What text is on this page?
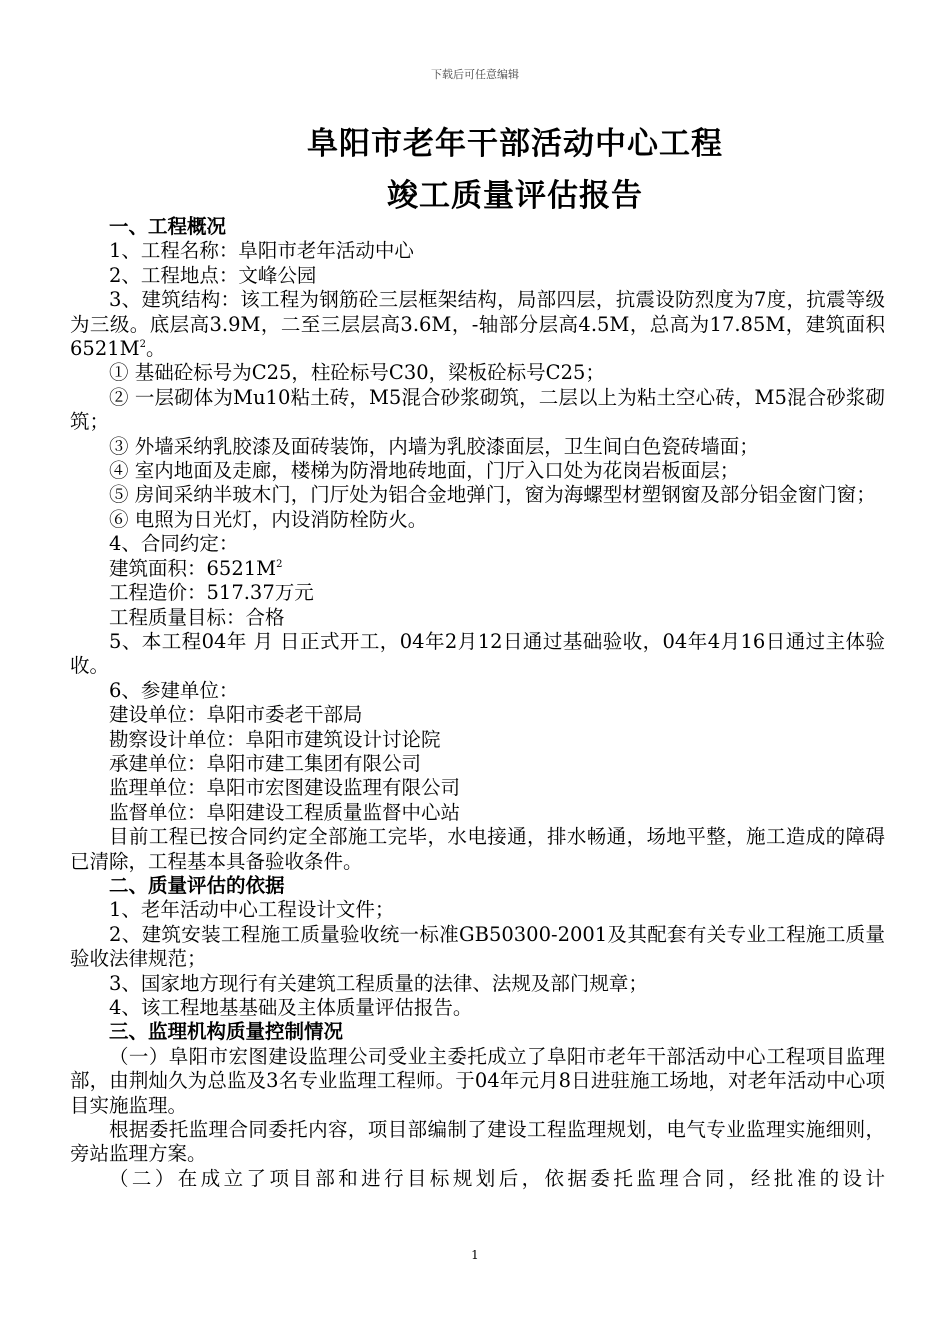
下载后可任意编辑
阜阳市老年干部活动中心工程
竣工质量评估报告

一、工程概况

1、工程名称：阜阳市老年活动中心

2、工程地点：文峰公园

3、建筑结构：该工程为钢筋砼三层框架结构，局部四层，抗震设防烈度为7度，抗震等级为三级。底层高3.9M，二至三层层高3.6M，-轴部分层高4.5M，总高为17.85M，建筑面积$6521M^2$。

① 基础砼标号为C25，柱砼标号C30，梁板砼标号C25；

② 一层砌体为Mu10粘土砖，M5混合砂浆砌筑，二层以上为粘土空心砖，M5混合砂浆砌筑；

③ 外墙采纳乳胶漆及面砖装饰，内墙为乳胶漆面层，卫生间白色瓷砖墙面；

④ 室内地面及走廊，楼梯为防滑地砖地面，门厅入口处为花岗岩板面层；

⑤ 房间采纳半玻木门，门厅处为铝合金地弹门，窗为海螺型材塑钢窗及部分铝金窗门窗；

⑥ 电照为日光灯，内设消防栓防火。

4、合同约定：

建筑面积：$6521M^2$

工程造价：517.37万元

工程质量目标：合格

5、本工程04年 月 日正式开工，04年2月12日通过基础验收，04年4月16日通过主体验收。

6、参建单位：

建设单位：阜阳市委老干部局

勘察设计单位：阜阳市建筑设计讨论院

承建单位：阜阳市建工集团有限公司

监理单位：阜阳市宏图建设监理有限公司

监督单位：阜阳建设工程质量监督中心站

目前工程已按合同约定全部施工完毕，水电接通，排水畅通，场地平整，施工造成的障碍已清除，工程基本具备验收条件。

二、质量评估的依据

1、老年活动中心工程设计文件；

2、建筑安装工程施工质量验收统一标准GB50300-2001及其配套有关专业工程施工质量验收法律规范；

3、国家地方现行有关建筑工程质量的法律、法规及部门规章；

4、该工程地基基础及主体质量评估报告。

三、监理机构质量控制情况

（一）阜阳市宏图建设监理公司受业主委托成立了阜阳市老年干部活动中心工程项目监理部，由荆灿久为总监及3名专业监理工程师。于04年元月8日进驻施工场地，对老年活动中心项目实施监理。

根据委托监理合同委托内容，项目部编制了建设工程监理规划，电气专业监理实施细则，旁站监理方案。

（二）在成立了项目部和进行目标规划后，依据委托监理合同，经批准的设计

1
